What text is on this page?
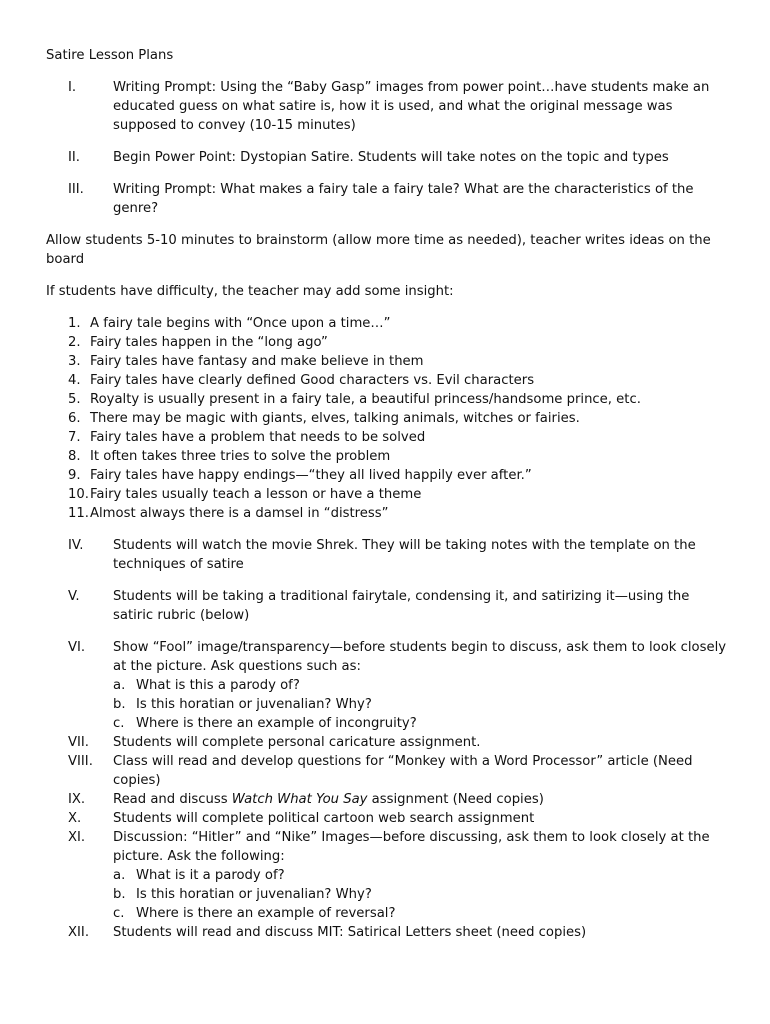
Satire Lesson Plans
I.	Writing Prompt: Using the “Baby Gasp” images from power point…have students make an educated guess on what satire is, how it is used, and what the original message was supposed to convey (10-15 minutes)
II.	Begin Power Point: Dystopian Satire. Students will take notes on the topic and types
III. Writing Prompt: What makes a fairy tale a fairy tale? What are the characteristics of the genre?
Allow students 5-10 minutes to brainstorm (allow more time as needed), teacher writes ideas on the board
If students have difficulty, the teacher may add some insight:
1. A fairy tale begins with “Once upon a time…”
2. Fairy tales happen in the “long ago”
3. Fairy tales have fantasy and make believe in them
4. Fairy tales have clearly defined Good characters vs. Evil characters
5. Royalty is usually present in a fairy tale, a beautiful princess/handsome prince, etc.
6. There may be magic with giants, elves, talking animals, witches or fairies.
7. Fairy tales have a problem that needs to be solved
8. It often takes three tries to solve the problem
9. Fairy tales have happy endings—“they all lived happily ever after.”
10.Fairy tales usually teach a lesson or have a theme
11.Almost always there is a damsel in “distress”
IV. Students will watch the movie Shrek. They will be taking notes with the template on the techniques of satire
V.	Students will be taking a traditional fairytale, condensing it, and satirizing it—using the satiric rubric (below)
VI. Show “Fool” image/transparency—before students begin to discuss, ask them to look closely at the picture. Ask questions such as:
a. What is this a parody of?
b. Is this horatian or juvenalian? Why?
c. Where is there an example of incongruity?
VII. Students will complete personal caricature assignment.
VIII. Class will read and develop questions for “Monkey with a Word Processor” article (Need copies)
IX. Read and discuss Watch What You Say assignment (Need copies)
X. Students will complete political cartoon web search assignment
XI. Discussion: “Hitler” and “Nike” Images—before discussing, ask them to look closely at the picture. Ask the following:
a. What is it a parody of?
b. Is this horatian or juvenalian? Why?
c. Where is there an example of reversal?
XII. Students will read and discuss MIT: Satirical Letters sheet (need copies)
